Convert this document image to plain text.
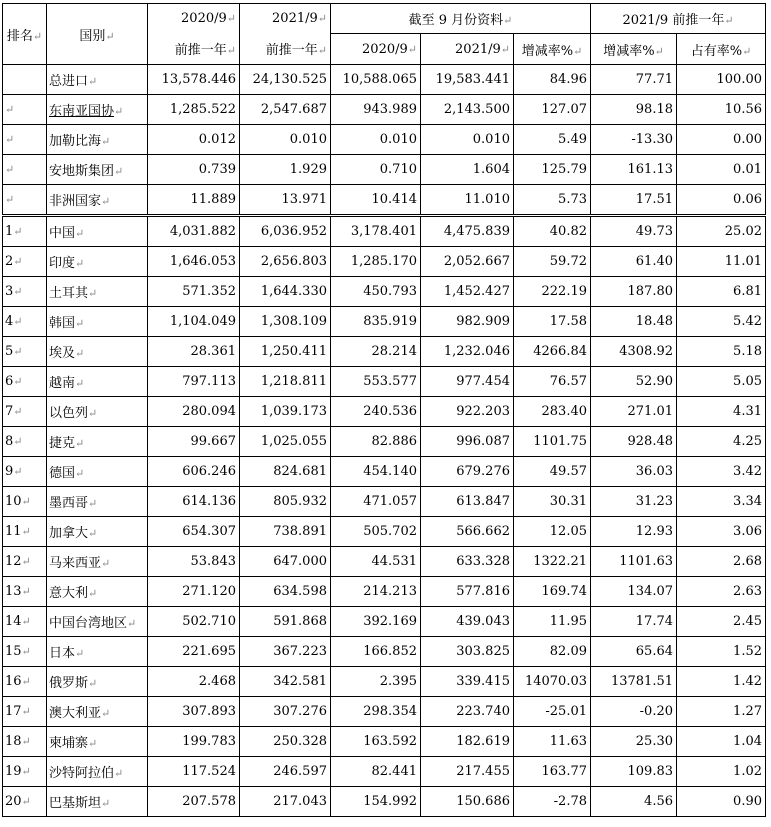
排名↵	国别↵	2020/9↵	2021/9↵	截至 9 月份资料↵			2021/9 前推一年↵	
		前推一年↵	前推一年↵	2020/9↵	2021/9↵	增减率%↵	增减率%↵	占有率%↵
	总进口↵	13,578.446	24,130.525	10,588.065	19,583.441	84.96	77.71	100.00
↵	东南亚国协↵	1,285.522	2,547.687	943.989	2,143.500	127.07	98.18	10.56
↵	加勒比海↵	0.012	0.010	0.010	0.010	5.49	-13.30	0.00
↵	安地斯集团↵	0.739	1.929	0.710	1.604	125.79	161.13	0.01
↵	非洲国家↵	11.889	13.971	10.414	11.010	5.73	17.51	0.06
1↵	中国↵	4,031.882	6,036.952	3,178.401	4,475.839	40.82	49.73	25.02
2↵	印度↵	1,646.053	2,656.803	1,285.170	2,052.667	59.72	61.40	11.01
3↵	土耳其↵	571.352	1,644.330	450.793	1,452.427	222.19	187.80	6.81
4↵	韩国↵	1,104.049	1,308.109	835.919	982.909	17.58	18.48	5.42
5↵	埃及↵	28.361	1,250.411	28.214	1,232.046	4266.84	4308.92	5.18
6↵	越南↵	797.113	1,218.811	553.577	977.454	76.57	52.90	5.05
7↵	以色列↵	280.094	1,039.173	240.536	922.203	283.40	271.01	4.31
8↵	捷克↵	99.667	1,025.055	82.886	996.087	1101.75	928.48	4.25
9↵	德国↵	606.246	824.681	454.140	679.276	49.57	36.03	3.42
10↵	墨西哥↵	614.136	805.932	471.057	613.847	30.31	31.23	3.34
11↵	加拿大↵	654.307	738.891	505.702	566.662	12.05	12.93	3.06
12↵	马来西亚↵	53.843	647.000	44.531	633.328	1322.21	1101.63	2.68
13↵	意大利↵	271.120	634.598	214.213	577.816	169.74	134.07	2.63
14↵	中国台湾地区↵	502.710	591.868	392.169	439.043	11.95	17.74	2.45
15↵	日本↵	221.695	367.223	166.852	303.825	82.09	65.64	1.52
16↵	俄罗斯↵	2.468	342.581	2.395	339.415	14070.03	13781.51	1.42
17↵	澳大利亚↵	307.893	307.276	298.354	223.740	-25.01	-0.20	1.27
18↵	柬埔寨↵	199.783	250.328	163.592	182.619	11.63	25.30	1.04
19↵	沙特阿拉伯↵	117.524	246.597	82.441	217.455	163.77	109.83	1.02
20↵	巴基斯坦↵	207.578	217.043	154.992	150.686	-2.78	4.56	0.90
